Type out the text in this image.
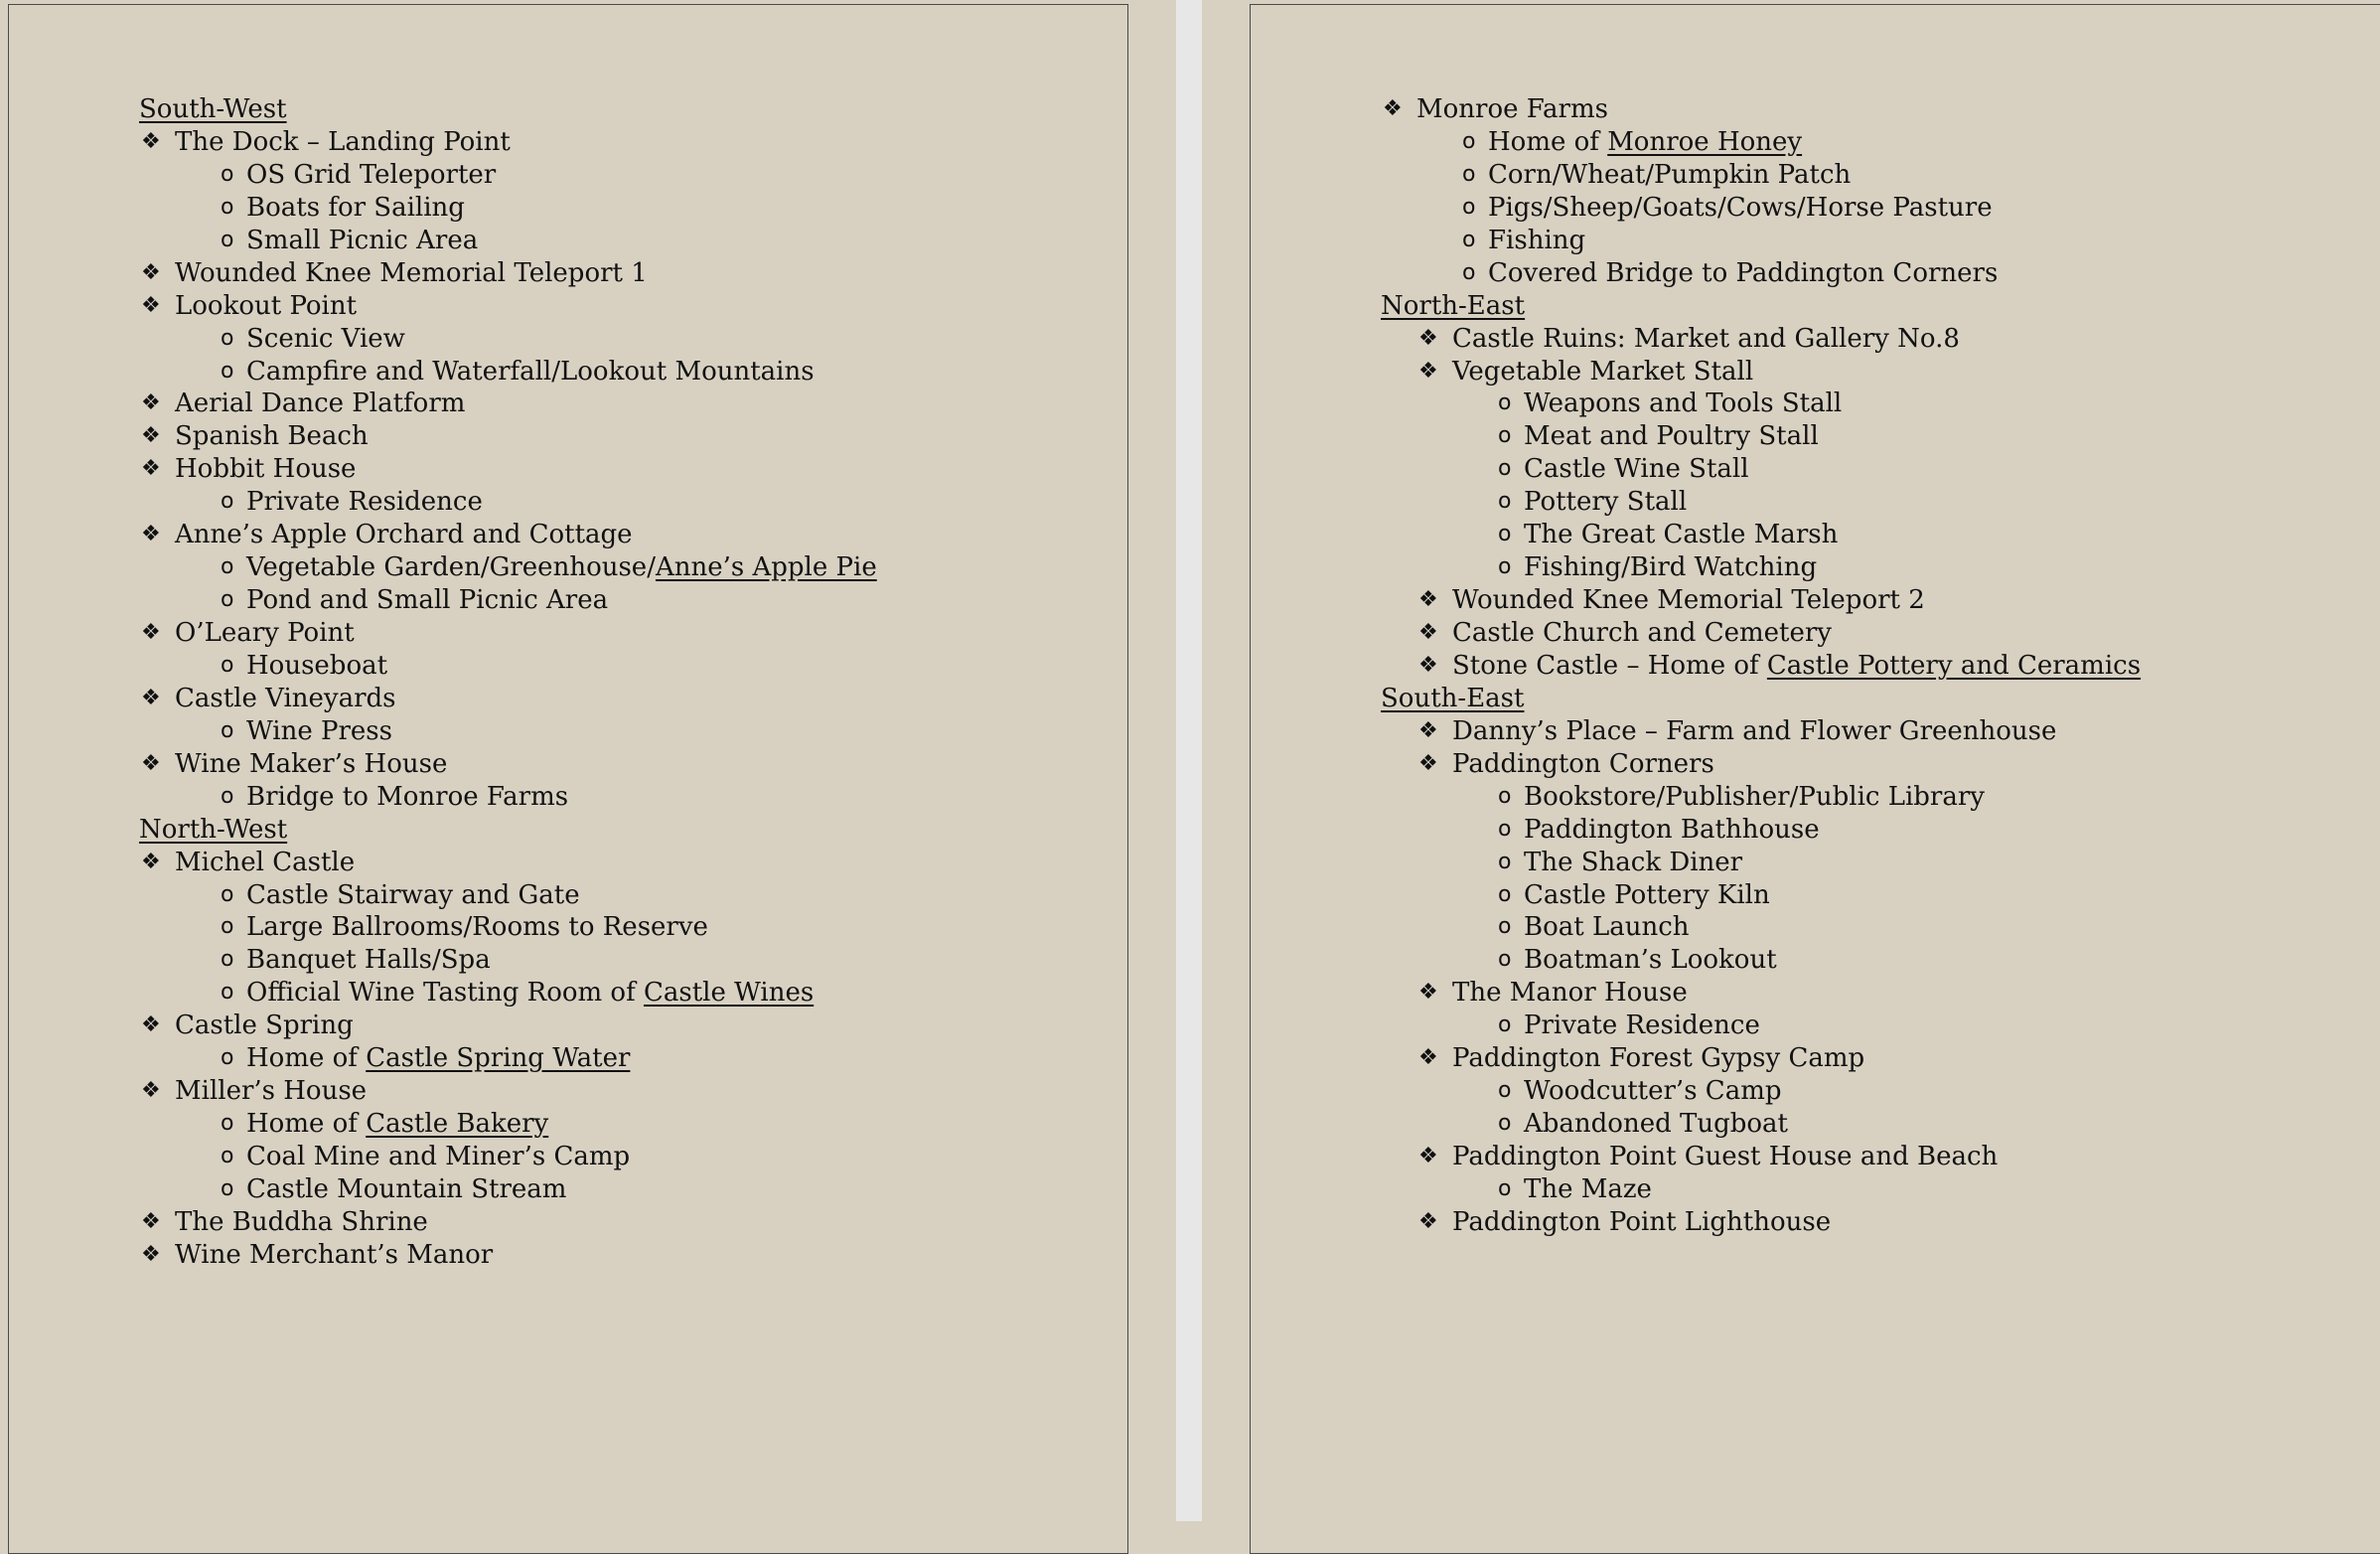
South-West
❖ The Dock – Landing Point
o OS Grid Teleporter
o Boats for Sailing
o Small Picnic Area
❖ Wounded Knee Memorial Teleport 1
❖ Lookout Point
o Scenic View
o Campfire and Waterfall/Lookout Mountains
❖ Aerial Dance Platform
❖ Spanish Beach
❖ Hobbit House
o Private Residence
❖ Anne’s Apple Orchard and Cottage
o Vegetable Garden/Greenhouse/Anne’s Apple Pie
o Pond and Small Picnic Area
❖ O’Leary Point
o Houseboat
❖ Castle Vineyards
o Wine Press
❖ Wine Maker’s House
o Bridge to Monroe Farms
North-West
❖ Michel Castle
o Castle Stairway and Gate
o Large Ballrooms/Rooms to Reserve
o Banquet Halls/Spa
o Official Wine Tasting Room of Castle Wines
❖ Castle Spring
o Home of Castle Spring Water
❖ Miller’s House
o Home of Castle Bakery
o Coal Mine and Miner’s Camp
o Castle Mountain Stream
❖ The Buddha Shrine
❖ Wine Merchant’s Manor
❖ Monroe Farms
o Home of Monroe Honey
o Corn/Wheat/Pumpkin Patch
o Pigs/Sheep/Goats/Cows/Horse Pasture
o Fishing
o Covered Bridge to Paddington Corners
North-East
❖ Castle Ruins: Market and Gallery No.8
❖ Vegetable Market Stall
o Weapons and Tools Stall
o Meat and Poultry Stall
o Castle Wine Stall
o Pottery Stall
o The Great Castle Marsh
o Fishing/Bird Watching
❖ Wounded Knee Memorial Teleport 2
❖ Castle Church and Cemetery
❖ Stone Castle – Home of Castle Pottery and Ceramics
South-East
❖ Danny’s Place – Farm and Flower Greenhouse
❖ Paddington Corners
o Bookstore/Publisher/Public Library
o Paddington Bathhouse
o The Shack Diner
o Castle Pottery Kiln
o Boat Launch
o Boatman’s Lookout
❖ The Manor House
o Private Residence
❖ Paddington Forest Gypsy Camp
o Woodcutter’s Camp
o Abandoned Tugboat
❖ Paddington Point Guest House and Beach
o The Maze
❖ Paddington Point Lighthouse
